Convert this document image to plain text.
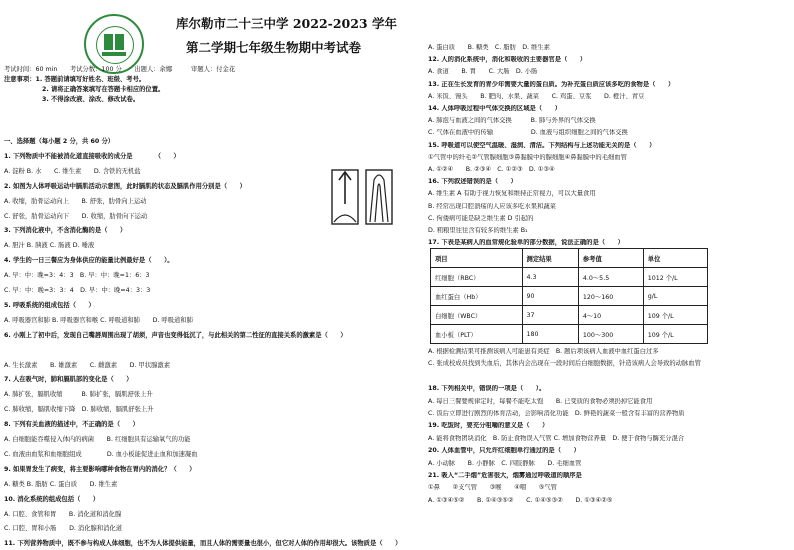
库尔勒市二十三中学 2022-2023 学年
第二学期七年级生物期中考试卷
考试时间：60 min　　考试分数：100 分　　出题人：余娜　　　审题人：付金花
注意事项：1. 答题前请填写好姓名、班级、考号。
2. 请将正确答案填写在答题卡相应的位置。
3. 不得涂改液、涂改、修改试卷。
一、选择题（每小题 2 分，共 60 分）
1. 下列物质中不能被消化道直接吸收的成分是　　　　（　　）
A. 淀粉 B. 水　　C. 维生素　　D. 含铁的无机盐
2. 如图为人体呼吸运动中膈肌活动示意图，此时膈肌的状态及膈肌作用分别是（　　）
A. 收缩，肋骨运动向上　　B. 舒张，肋骨向上运动
C. 舒张，肋骨运动向下　　D. 收缩，肋骨向下运动
3. 下列消化液中，不含消化酶的是（　　）
A. 胆汁 B. 胰液 C. 肠液 D. 唾液
4. 学生的一日三餐应为身体供应的能量比例最好是（　　）。
A. 早：中：晚=3：4：3　B. 早：中：晚=1：6：3
C. 早：中：晚=3：3：4　D. 早：中：晚=4：3：3
5. 呼吸系统的组成包括（　　）
A. 呼吸器官和肺 B. 呼吸器官和喉 C. 呼吸道和肺　　D. 呼吸道和肺
6. 小刚上了初中后，发现自己嘴唇周围出现了胡须，声音也变得低沉了，与此相关的第二性征的直接关系的激素是（　　）
A. 生长激素　　B. 雄激素　　C. 雌激素　　D. 甲状腺激素
7. 人在吸气时，肺和膈肌部的变化是（　　）
A. 肺扩张，膈肌收缩　　　B. 肺扩张，膈肌舒张上升
C. 肺收缩，膈肌收缩下降　D. 肺收缩，膈肌舒张上升
8. 下列有关血液的描述中，不正确的是（　　）
A. 白细胞能吞噬侵入体内的病菌　　B. 红细胞具有运输氧气的功能
C. 血液由血浆和血细胞组成　　　　D. 血小板能促进止血和加速凝血
9. 如果胃发生了病变，将主要影响哪种食物在胃内的消化？（　　）
A. 糖类 B. 脂肪 C. 蛋白质　　D. 维生素
10. 消化系统的组成包括（　　）
A. 口腔、食管和胃　　B. 消化道和消化腺
C. 口腔、胃和小肠　　D. 消化腺和消化道
11. 下列营养物质中，既不参与构成人体细胞，也不为人体提供能量，而且人体的需要量也很小，但它对人体的作用却很大。该物质是（　　）
A. 蛋白质　　B. 糖类　C. 脂肪　D. 维生素
12. 人的消化系统中，消化和吸收的主要器官是（　　）
A. 食道　　B. 胃　　C. 大肠　D. 小肠
13. 正在生长发育的青少年需要大量的蛋白质。为补充蛋白质应该多吃的食物是（　　）
A. 米饭、馒头　　B. 肥肉、水果、蔬菜　　C. 鸡蛋、豆浆　　D. 橙汁、青豆
14. 人体呼吸过程中气体交换的区域是（　　）
A. 肺泡与血液之间的气体交换　　　B. 肺与外界的气体交换
C. 气体在血液中的传输　　　　　　D. 血液与组织细胞之间的气体交换
15. 呼吸道可以使空气温暖、湿润、清洁。下列结构与上述功能无关的是（　　）
①气管中的纤毛②气管腺细胞③鼻黏膜中的腺细胞④鼻黏膜中的毛细血管
A. ①②④　　B. ②③④　C. ①②③　D. ①③④
16. 下列叙述错误的是（　　）
A. 维生素 A 有助于视力恢复和维持正常视力，可以大量食用
B. 经常出现口腔溃疡的人应该多吃水果和蔬菜
C. 佝偻病可能是缺乏维生素 D 引起的
D. 粗粮里往往含有较多的维生素 B₁
17. 下表是某病人的血常规化验单的部分数据，说法正确的是（　　）
项目	测定结果	参考值	单位
红细胞（RBC）	4.3	4.0～5.5	1012 个/L
血红蛋白（Hb）	90	120～160	g/L
白细胞（WBC）	37	4～10	109 个/L
血小板（PLT）	180	100～300	109 个/L
A. 根据检测结果可推测该病人可能患有炎症　B. 题后项该病人血液中血红蛋白过多
C. 张成校成员找到失血后，其体内会出现在一段时间后白细胞数据，针造该病人会导致的动脉血管
18. 下列相关中，错误的一项是（　　）。
A. 每日三餐要规律定时，每餐不能吃太饱　　B. 已变质的食物必须扔掉它能食用
C. 饭后立即进行剧烈的体育活动，会影响消化功能　D. 鲜艳的蔬菜一般含有丰富的营养物质
19. 吃饭时，要充分咀嚼的意义是（　　）
A. 能将食物团块消化　B. 防止食物误入气管 C. 增加食物营养量　D. 便于食物与酶充分混合
20. 人体血管中，只允许红细胞单行通过的是（　　）
A. 小动脉　　B. 小静脉　C. 四肢静脉　　D. 毛细血管
21. 吸入“二手烟”危害很大，烟雾通过呼吸道的顺序是
①鼻　　②支气管　　③喉　　④咽　　⑤气管
A. ①③④⑤②　　B. ①④③⑤②　　C. ①④⑤③②　　D. ①③④②⑤
